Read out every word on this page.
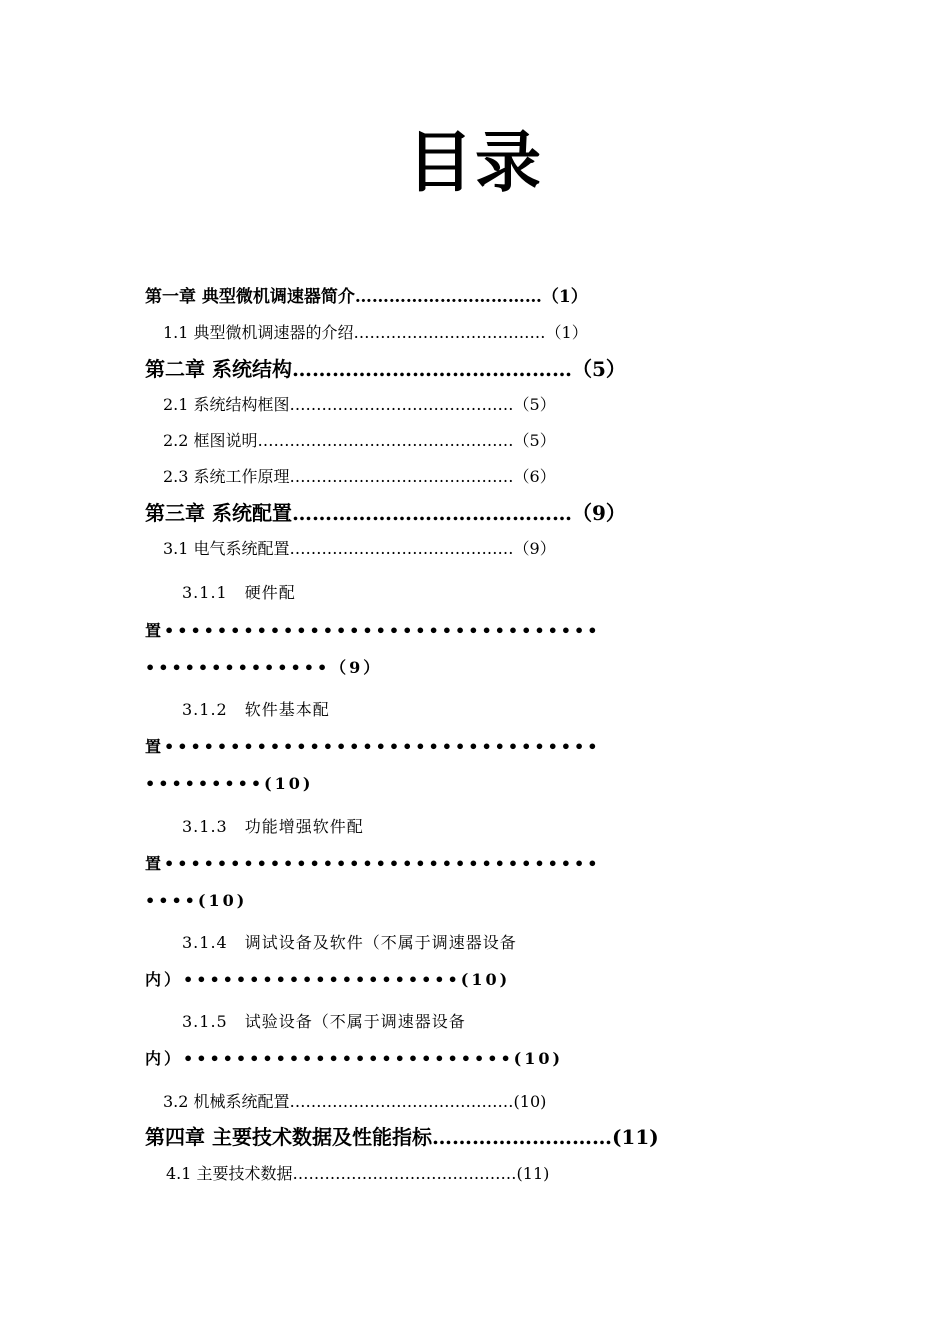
目录
第一章 典型微机调速器简介……………………………（1）
1.1 典型微机调速器的介绍………………………………（1）
第二章 系统结构……………………………………（5）
2.1 系统结构框图……………………………………（5）
2.2 框图说明…………………………………………（5）
2.3 系统工作原理……………………………………（6）
第三章 系统配置……………………………………（9）
3.1 电气系统配置……………………………………（9）
3.1.1　硬件配
置•••••••••••••••••••••••••••••••••
••••••••••••••（9）
3.1.2　软件基本配
置•••••••••••••••••••••••••••••••••
•••••••••(10)
3.1.3　功能增强软件配
置•••••••••••••••••••••••••••••••••
••••(10)
3.1.4　调试设备及软件（不属于调速器设备
内）•••••••••••••••••••••(10)
3.1.5　试验设备（不属于调速器设备
内）•••••••••••••••••••••••••(10)
3.2 机械系统配置……………………………………(10)
第四章 主要技术数据及性能指标………………………(11)
4.1 主要技术数据……………………………………(11)
